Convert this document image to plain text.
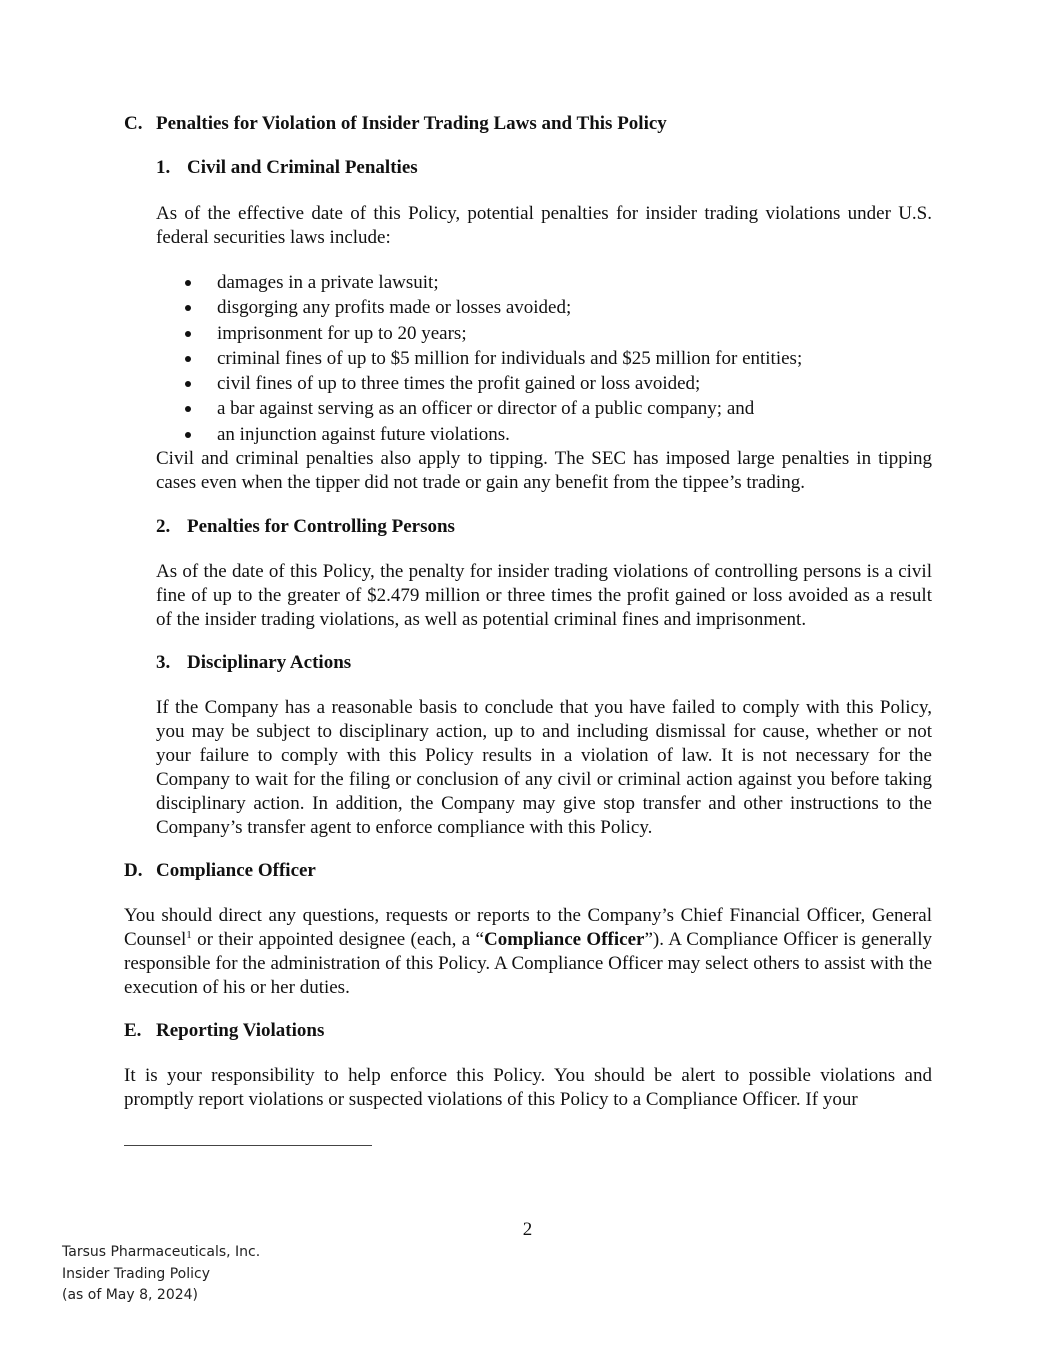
C. Penalties for Violation of Insider Trading Laws and This Policy
1. Civil and Criminal Penalties

As of the effective date of this Policy, potential penalties for insider trading violations under U.S. federal securities laws include:

damages in a private lawsuit;
disgorging any profits made or losses avoided;
imprisonment for up to 20 years;
criminal fines of up to $5 million for individuals and $25 million for entities;
civil fines of up to three times the profit gained or loss avoided;
a bar against serving as an officer or director of a public company; and
an injunction against future violations.

Civil and criminal penalties also apply to tipping. The SEC has imposed large penalties in tipping cases even when the tipper did not trade or gain any benefit from the tippee’s trading.

2. Penalties for Controlling Persons

As of the date of this Policy, the penalty for insider trading violations of controlling persons is a civil fine of up to the greater of $2.479 million or three times the profit gained or loss avoided as a result of the insider trading violations, as well as potential criminal fines and imprisonment.

3. Disciplinary Actions

If the Company has a reasonable basis to conclude that you have failed to comply with this Policy, you may be subject to disciplinary action, up to and including dismissal for cause, whether or not your failure to comply with this Policy results in a violation of law. It is not necessary for the Company to wait for the filing or conclusion of any civil or criminal action against you before taking disciplinary action. In addition, the Company may give stop transfer and other instructions to the Company’s transfer agent to enforce compliance with this Policy.

D. Compliance Officer

You should direct any questions, requests or reports to the Company’s Chief Financial Officer, General Counsel$^1$ or their appointed designee (each, a “Compliance Officer”). A Compliance Officer is generally responsible for the administration of this Policy. A Compliance Officer may select others to assist with the execution of his or her duties.

E. Reporting Violations

It is your responsibility to help enforce this Policy. You should be alert to possible violations and promptly report violations or suspected violations of this Policy to a Compliance Officer. If your

2
Tarsus Pharmaceuticals, Inc.
Insider Trading Policy
(as of May 8, 2024)
